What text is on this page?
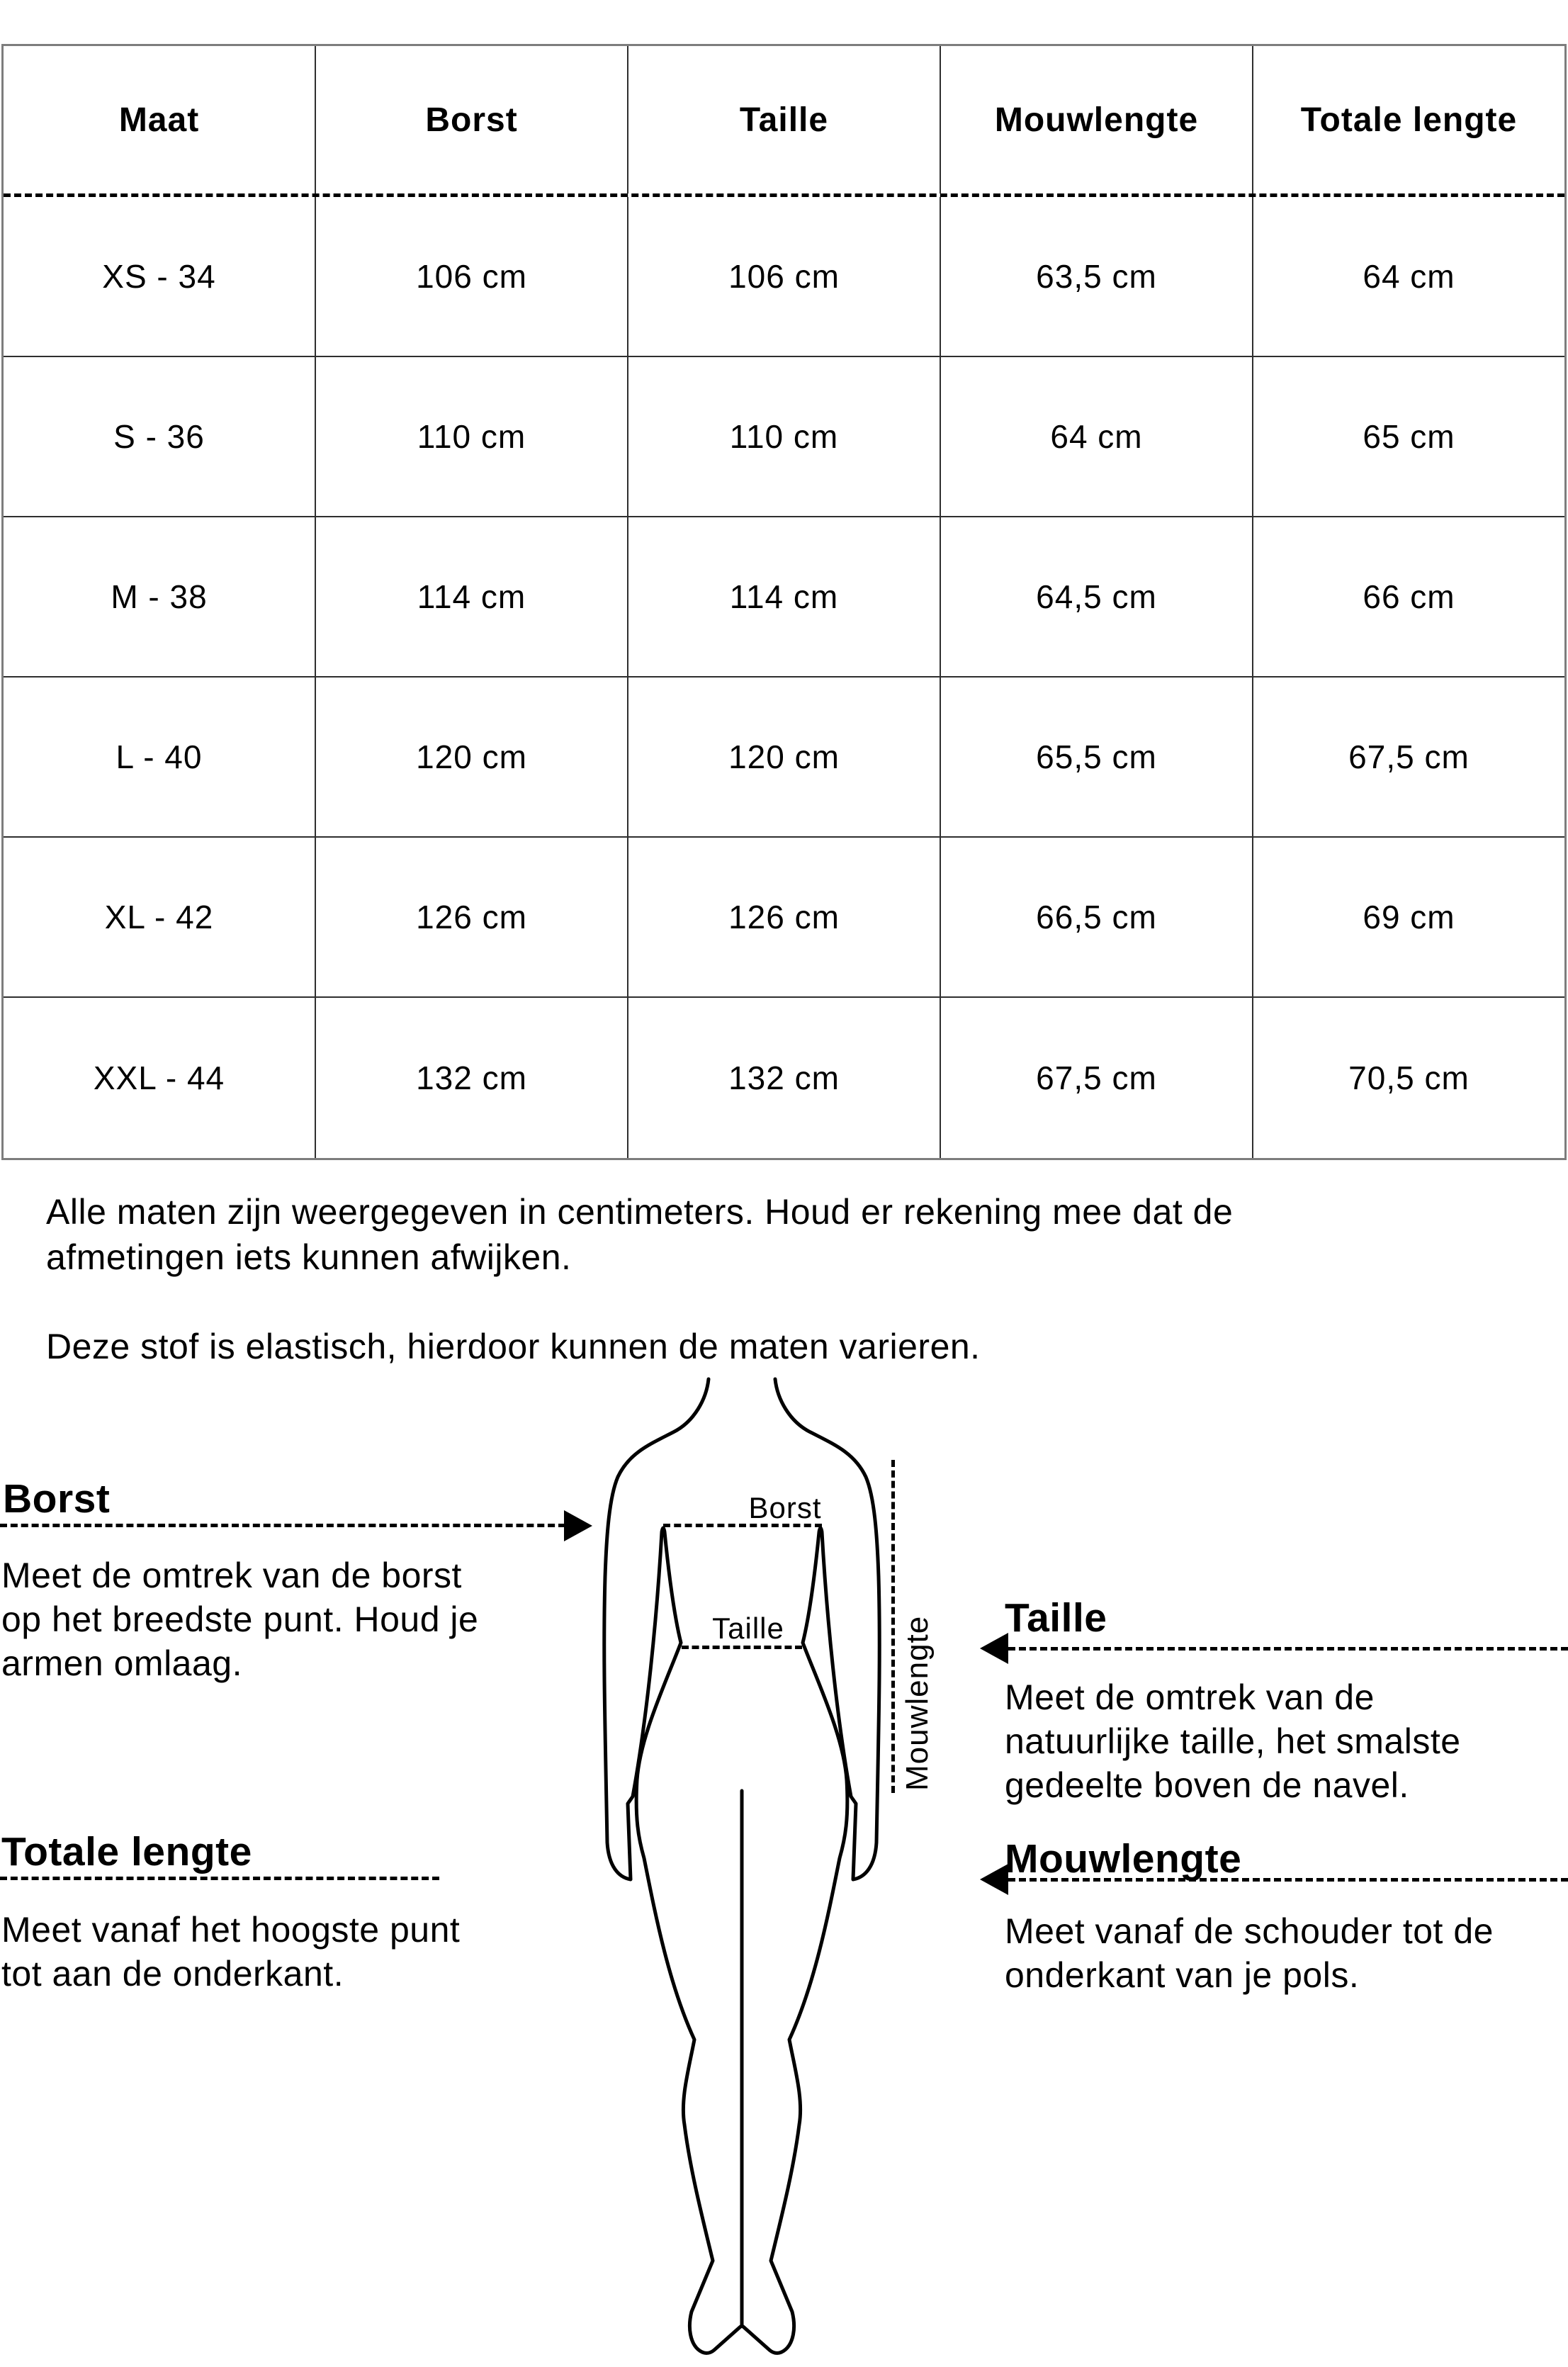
Maat	Borst	Taille	Mouwlengte	Totale lengte
XS - 34	106 cm	106 cm	63,5 cm	64 cm
S - 36	110 cm	110 cm	64 cm	65 cm
M - 38	114 cm	114 cm	64,5 cm	66 cm
L - 40	120 cm	120 cm	65,5 cm	67,5 cm
XL - 42	126 cm	126 cm	66,5 cm	69 cm
XXL - 44	132 cm	132 cm	67,5 cm	70,5 cm
Alle maten zijn weergegeven in centimeters. Houd er rekening mee dat de
afmetingen iets kunnen afwijken.
Deze stof is elastisch, hierdoor kunnen de maten varieren.
Borst
Meet de omtrek van de borst
op het breedste punt. Houd je
armen omlaag.
Taille
Meet de omtrek van de
natuurlijke taille, het smalste
gedeelte boven de navel.
Totale lengte
Meet vanaf het hoogste punt
tot aan de onderkant.
Mouwlengte
Meet vanaf de schouder tot de
onderkant van je pols.
Borst
Taille	Mouwlengte
